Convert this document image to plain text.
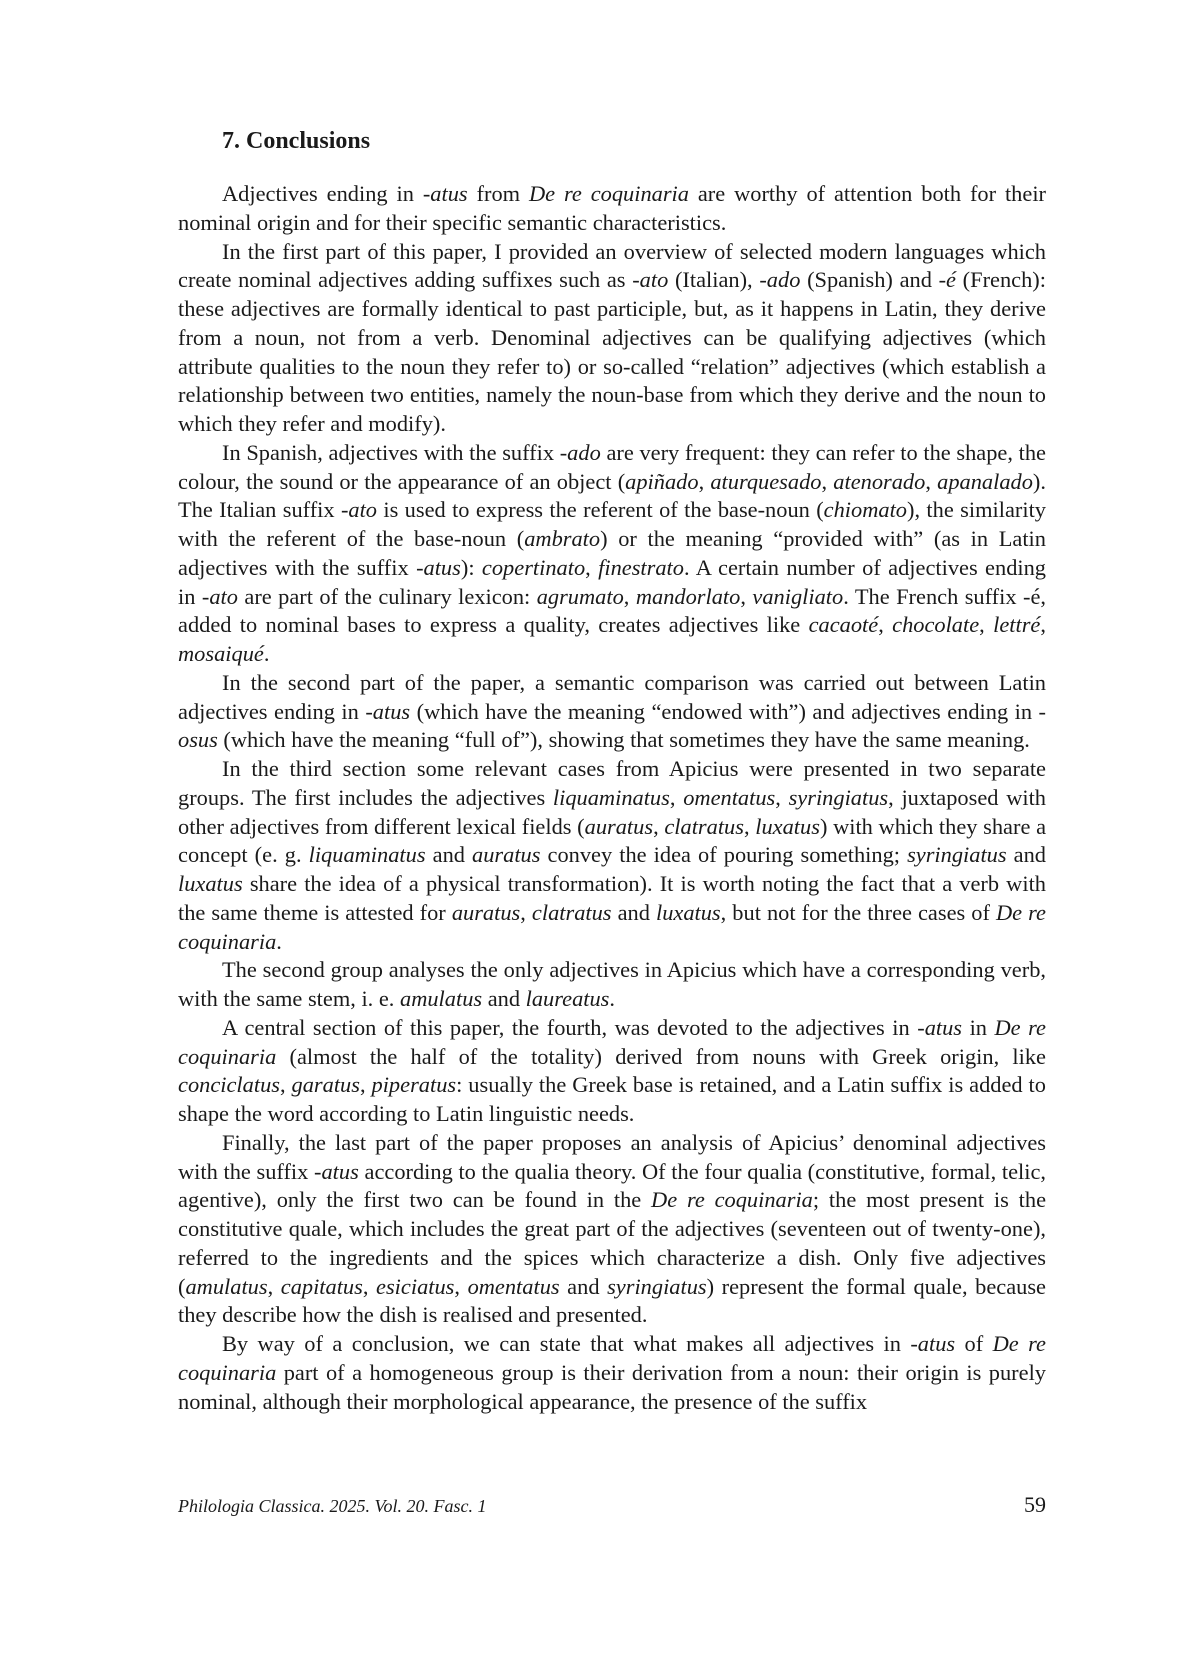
7. Conclusions

Adjectives ending in -atus from De re coquinaria are worthy of attention both for their nominal origin and for their specific semantic characteristics.

In the first part of this paper, I provided an overview of selected modern languages which create nominal adjectives adding suffixes such as -ato (Italian), -ado (Spanish) and -é (French): these adjectives are formally identical to past participle, but, as it happens in Latin, they derive from a noun, not from a verb. Denominal adjectives can be qualifying adjectives (which attribute qualities to the noun they refer to) or so-called “relation” adjectives (which establish a relationship between two entities, namely the noun-base from which they derive and the noun to which they refer and modify).

In Spanish, adjectives with the suffix -ado are very frequent: they can refer to the shape, the colour, the sound or the appearance of an object (apiñado, aturquesado, atenorado, apanalado). The Italian suffix -ato is used to express the referent of the base-noun (chiomato), the similarity with the referent of the base-noun (ambrato) or the meaning “provided with” (as in Latin adjectives with the suffix -atus): copertinato, finestrato. A certain number of adjectives ending in -ato are part of the culinary lexicon: agrumato, mandorlato, vanigliato. The French suffix -é, added to nominal bases to express a quality, creates adjectives like cacaoté, chocolate, lettré, mosaiqué.

In the second part of the paper, a semantic comparison was carried out between Latin adjectives ending in -atus (which have the meaning “endowed with”) and adjectives ending in -osus (which have the meaning “full of”), showing that sometimes they have the same meaning.

In the third section some relevant cases from Apicius were presented in two separate groups. The first includes the adjectives liquaminatus, omentatus, syringiatus, juxtaposed with other adjectives from different lexical fields (auratus, clatratus, luxatus) with which they share a concept (e. g. liquaminatus and auratus convey the idea of pouring something; syringiatus and luxatus share the idea of a physical transformation). It is worth noting the fact that a verb with the same theme is attested for auratus, clatratus and luxatus, but not for the three cases of De re coquinaria.

The second group analyses the only adjectives in Apicius which have a corresponding verb, with the same stem, i. e. amulatus and laureatus.

A central section of this paper, the fourth, was devoted to the adjectives in -atus in De re coquinaria (almost the half of the totality) derived from nouns with Greek origin, like conciclatus, garatus, piperatus: usually the Greek base is retained, and a Latin suffix is added to shape the word according to Latin linguistic needs.

Finally, the last part of the paper proposes an analysis of Apicius’ denominal adjectives with the suffix -atus according to the qualia theory. Of the four qualia (constitutive, formal, telic, agentive), only the first two can be found in the De re coquinaria; the most present is the constitutive quale, which includes the great part of the adjectives (seventeen out of twenty-one), referred to the ingredients and the spices which characterize a dish. Only five adjectives (amulatus, capitatus, esiciatus, omentatus and syringiatus) represent the formal quale, because they describe how the dish is realised and presented.

By way of a conclusion, we can state that what makes all adjectives in -atus of De re coquinaria part of a homogeneous group is their derivation from a noun: their origin is purely nominal, although their morphological appearance, the presence of the suffix

Philologia Classica. 2025. Vol. 20. Fasc. 1	59
